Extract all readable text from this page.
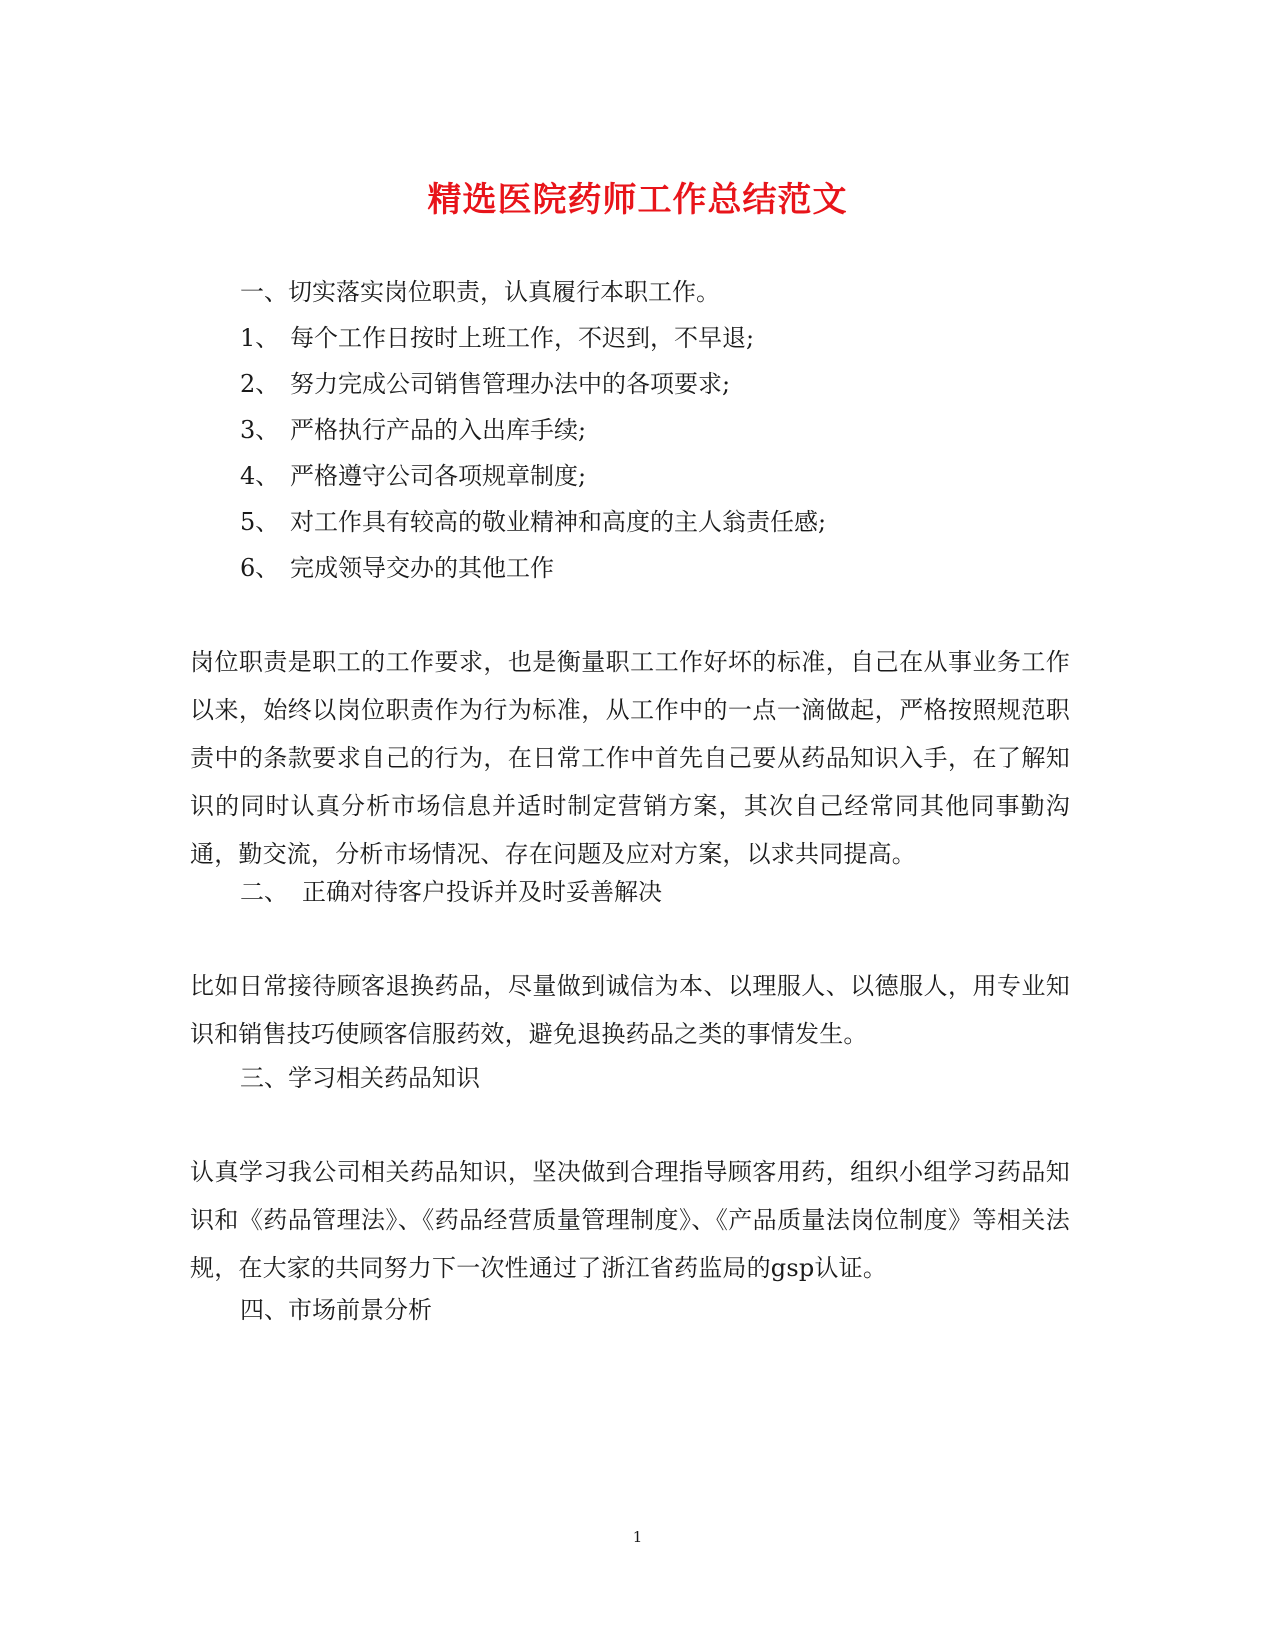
精选医院药师工作总结范文
一、切实落实岗位职责，认真履行本职工作。
1、 每个工作日按时上班工作，不迟到，不早退;
2、 努力完成公司销售管理办法中的各项要求;
3、 严格执行产品的入出库手续;
4、 严格遵守公司各项规章制度;
5、 对工作具有较高的敬业精神和高度的主人翁责任感;
6、 完成领导交办的其他工作
岗位职责是职工的工作要求，也是衡量职工工作好坏的标准，自己在从事业务工作以来，始终以岗位职责作为行为标准，从工作中的一点一滴做起，严格按照规范职责中的条款要求自己的行为，在日常工作中首先自己要从药品知识入手，在了解知识的同时认真分析市场信息并适时制定营销方案，其次自己经常同其他同事勤沟通，勤交流，分析市场情况、存在问题及应对方案，以求共同提高。
二、 正确对待客户投诉并及时妥善解决
比如日常接待顾客退换药品，尽量做到诚信为本、以理服人、以德服人，用专业知识和销售技巧使顾客信服药效，避免退换药品之类的事情发生。
三、学习相关药品知识
认真学习我公司相关药品知识，坚决做到合理指导顾客用药，组织小组学习药品知识和《药品管理法》、《药品经营质量管理制度》、《产品质量法岗位制度》等相关法规，在大家的共同努力下一次性通过了浙江省药监局的gsp认证。
四、市场前景分析
1
